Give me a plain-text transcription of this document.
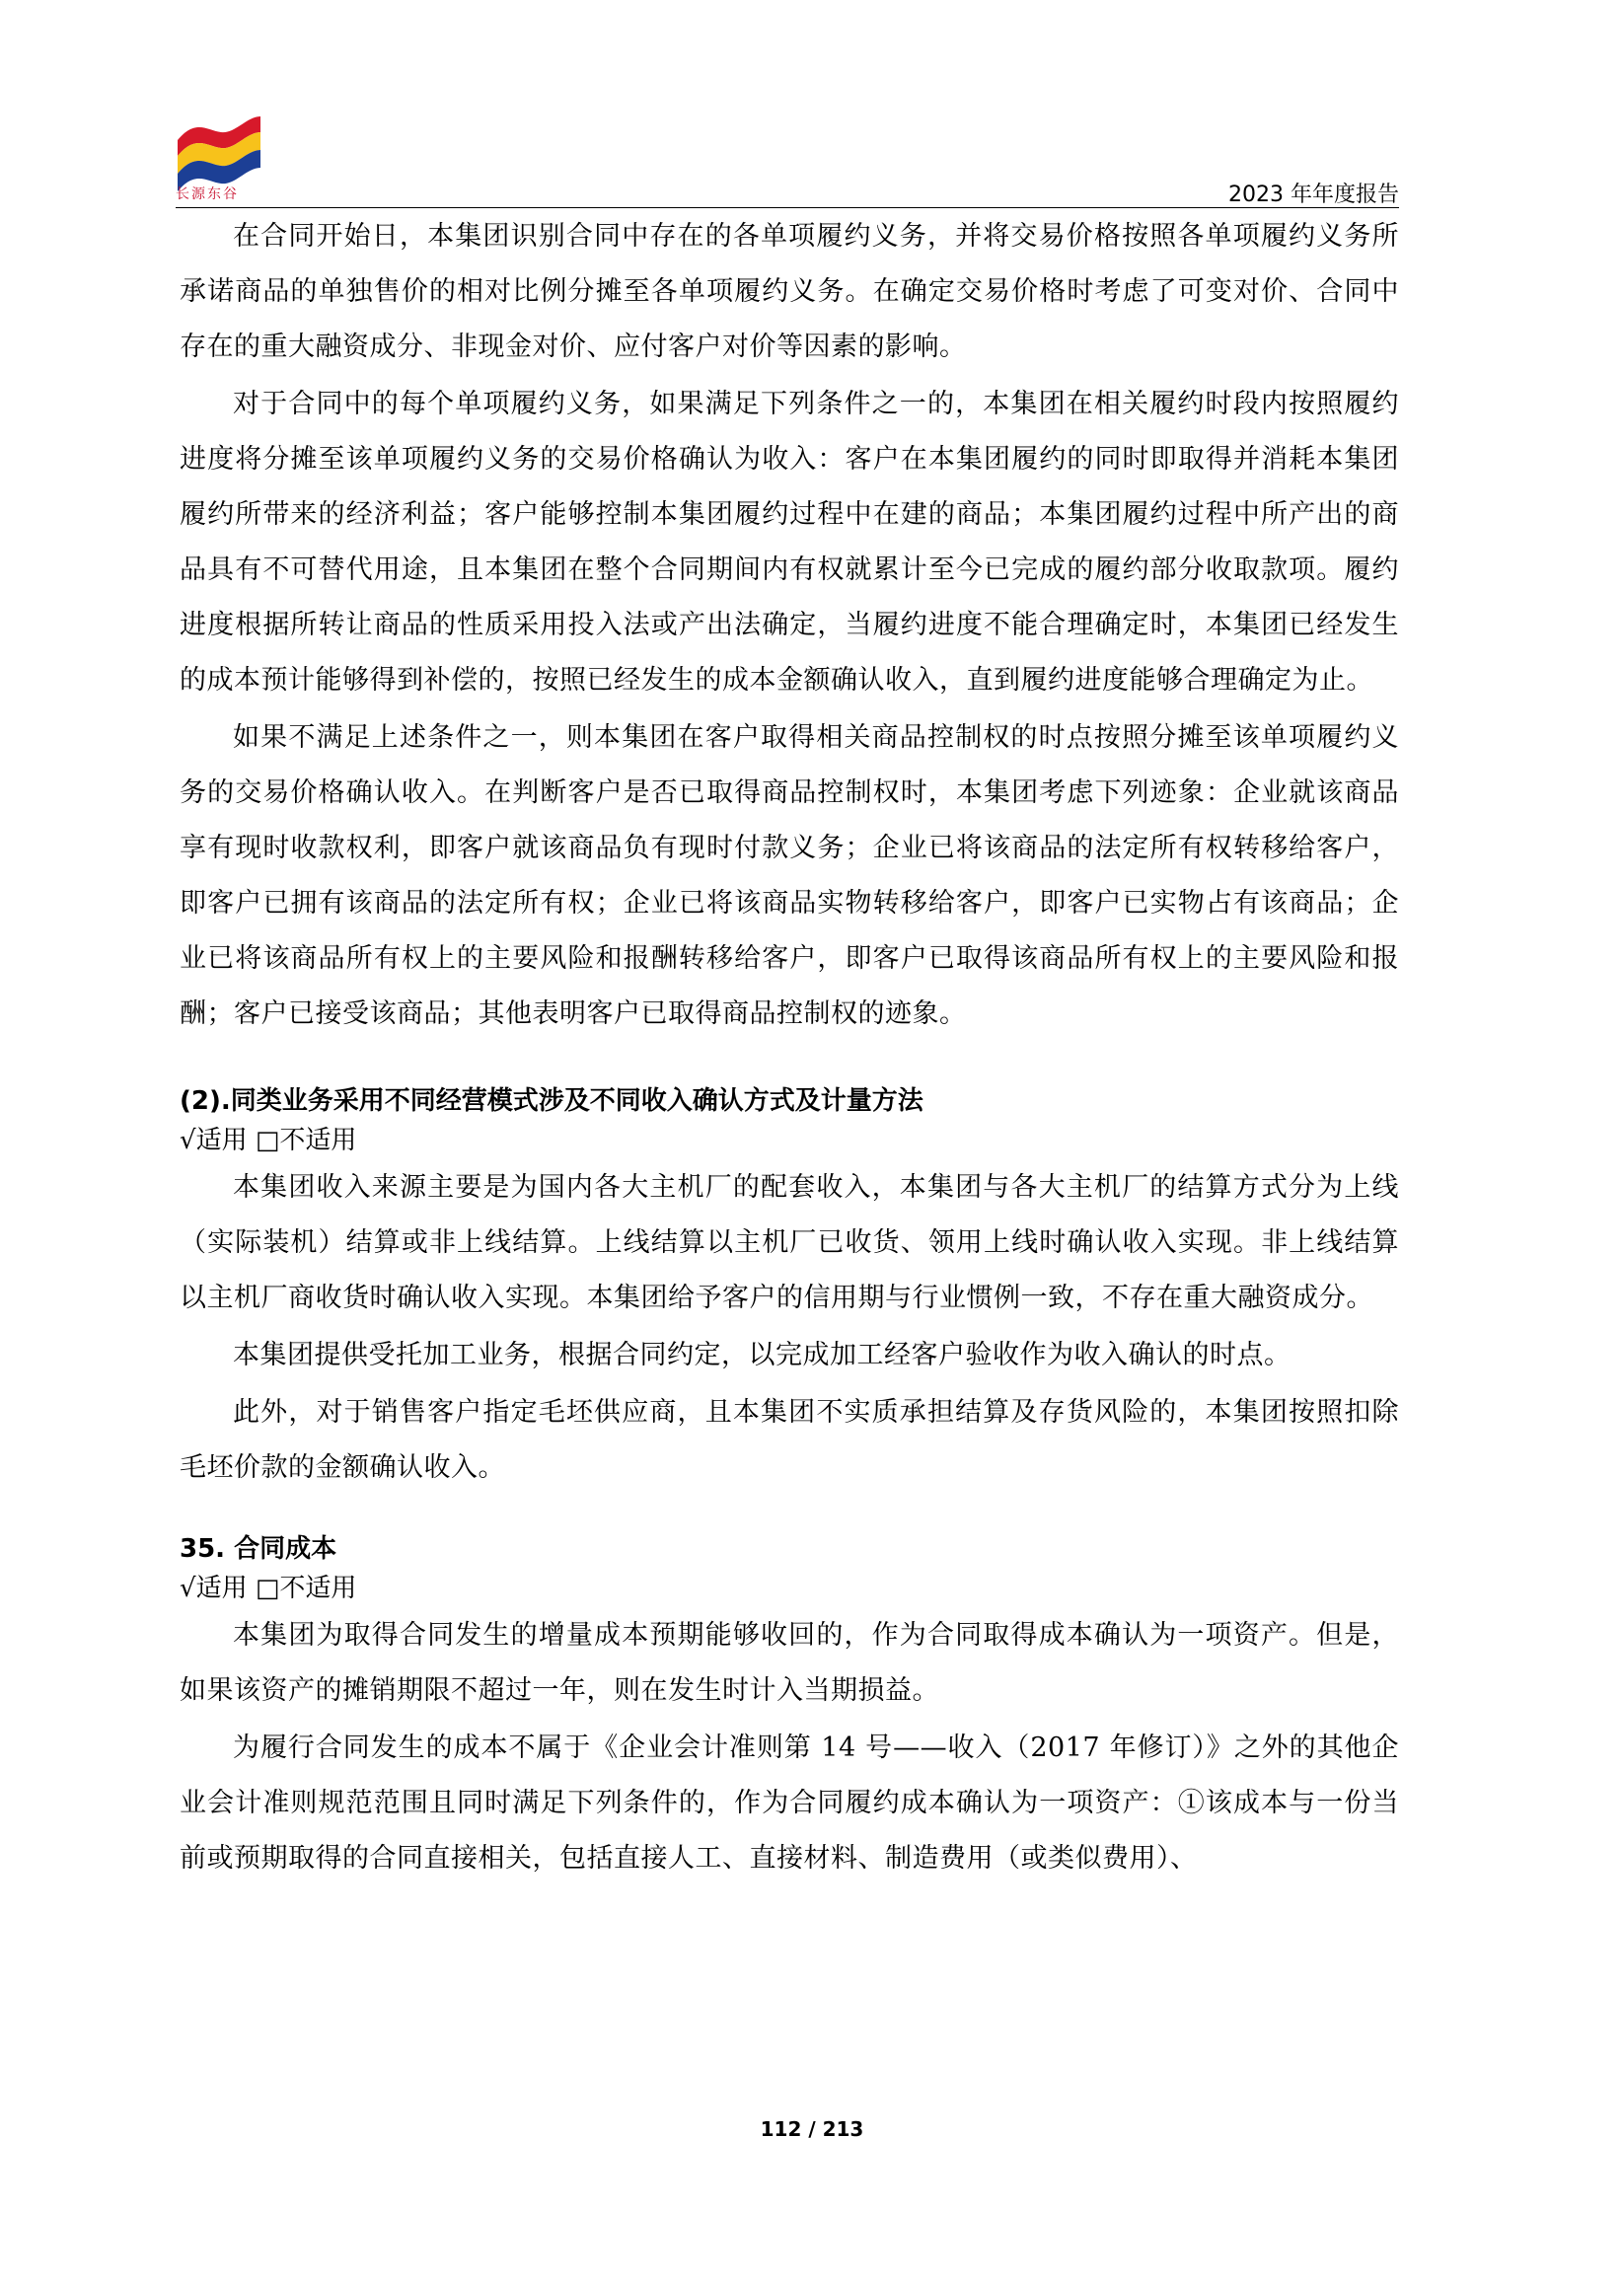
长源东谷	2023 年年度报告

在合同开始日，本集团识别合同中存在的各单项履约义务，并将交易价格按照各单项履约义务所承诺商品的单独售价的相对比例分摊至各单项履约义务。在确定交易价格时考虑了可变对价、合同中存在的重大融资成分、非现金对价、应付客户对价等因素的影响。

对于合同中的每个单项履约义务，如果满足下列条件之一的，本集团在相关履约时段内按照履约进度将分摊至该单项履约义务的交易价格确认为收入：客户在本集团履约的同时即取得并消耗本集团履约所带来的经济利益；客户能够控制本集团履约过程中在建的商品；本集团履约过程中所产出的商品具有不可替代用途，且本集团在整个合同期间内有权就累计至今已完成的履约部分收取款项。履约进度根据所转让商品的性质采用投入法或产出法确定，当履约进度不能合理确定时，本集团已经发生的成本预计能够得到补偿的，按照已经发生的成本金额确认收入，直到履约进度能够合理确定为止。

如果不满足上述条件之一，则本集团在客户取得相关商品控制权的时点按照分摊至该单项履约义务的交易价格确认收入。在判断客户是否已取得商品控制权时，本集团考虑下列迹象：企业就该商品享有现时收款权利，即客户就该商品负有现时付款义务；企业已将该商品的法定所有权转移给客户，即客户已拥有该商品的法定所有权；企业已将该商品实物转移给客户，即客户已实物占有该商品；企业已将该商品所有权上的主要风险和报酬转移给客户，即客户已取得该商品所有权上的主要风险和报酬；客户已接受该商品；其他表明客户已取得商品控制权的迹象。

(2).同类业务采用不同经营模式涉及不同收入确认方式及计量方法

√适用 □不适用

本集团收入来源主要是为国内各大主机厂的配套收入，本集团与各大主机厂的结算方式分为上线（实际装机）结算或非上线结算。上线结算以主机厂已收货、领用上线时确认收入实现。非上线结算以主机厂商收货时确认收入实现。本集团给予客户的信用期与行业惯例一致，不存在重大融资成分。

本集团提供受托加工业务，根据合同约定，以完成加工经客户验收作为收入确认的时点。

此外，对于销售客户指定毛坯供应商，且本集团不实质承担结算及存货风险的，本集团按照扣除毛坯价款的金额确认收入。

35. 合同成本

√适用 □不适用

本集团为取得合同发生的增量成本预期能够收回的，作为合同取得成本确认为一项资产。但是，如果该资产的摊销期限不超过一年，则在发生时计入当期损益。

为履行合同发生的成本不属于《企业会计准则第 14 号——收入（2017 年修订）》之外的其他企业会计准则规范范围且同时满足下列条件的，作为合同履约成本确认为一项资产：①该成本与一份当前或预期取得的合同直接相关，包括直接人工、直接材料、制造费用（或类似费用）、

112 / 213
